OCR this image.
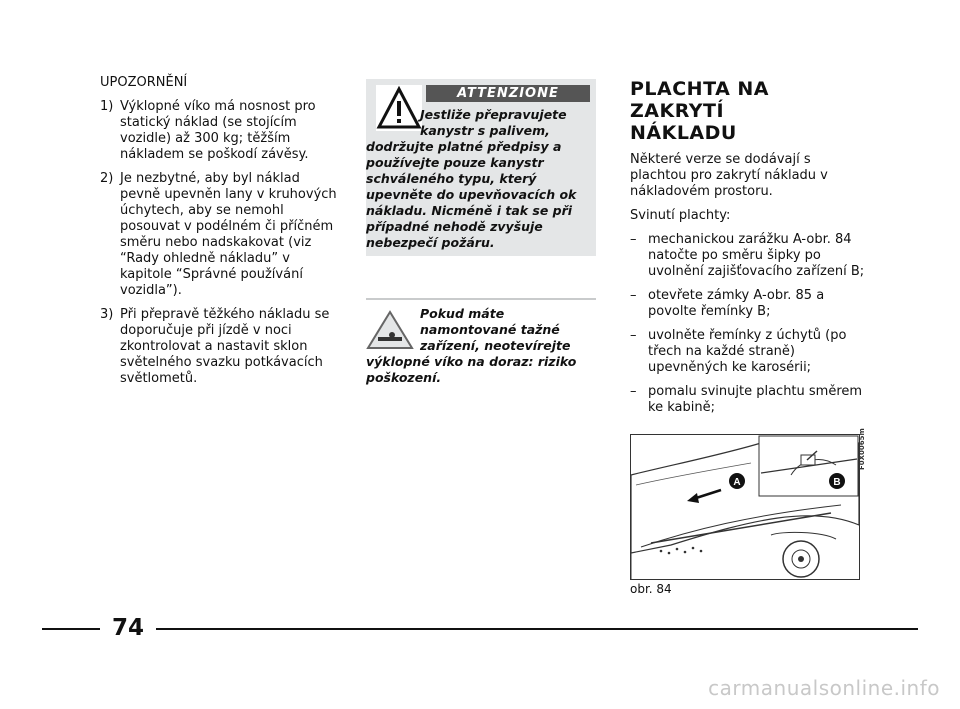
UPOZORNĚNÍ
1) Výklopné víko má nosnost pro statický náklad (se stojícím vozidle) až 300 kg; těžším nákladem se poškodí závěsy.
2) Je nezbytné, aby byl náklad pevně upevněn lany v kruhových úchytech, aby se nemohl posouvat v podélném či příčném směru nebo nadskakovat (viz “Rady ohledně nákladu” v kapitole “Správné používání vozidla”).
3) Při přepravě těžkého nákladu se doporučuje při jízdě v noci zkontrolovat a nastavit sklon světelného svazku potkávacích světlometů.
ATTENZIONE
Jestliže přepravujete kanystr s palivem,
dodržujte platné předpisy a používejte pouze kanystr schváleného typu, který upevněte do upevňovacích ok nákladu. Nicméně i tak se při případné nehodě zvyšuje nebezpečí požáru.
Pokud máte namontované tažné zařízení, neotevírejte
výklopné víko na doraz: riziko poškození.
PLACHTA NA ZAKRYTÍ
NÁKLADU

Některé verze se dodávají s plachtou pro zakrytí nákladu v nákladovém prostoru.

Svinutí plachty:

– mechanickou zarážku A-obr. 84 natočte po směru šipky po uvolnění zajišťovacího zařízení B;
– otevřete zámky A-obr. 85 a povolte řemínky B;
– uvolněte řemínky z úchytů (po třech na každé straně) upevněných ke karosérii;
– pomalu svinujte plachtu směrem ke kabině;
A	B
F0X0065m
obr. 84
74
carmanualsonline.info
